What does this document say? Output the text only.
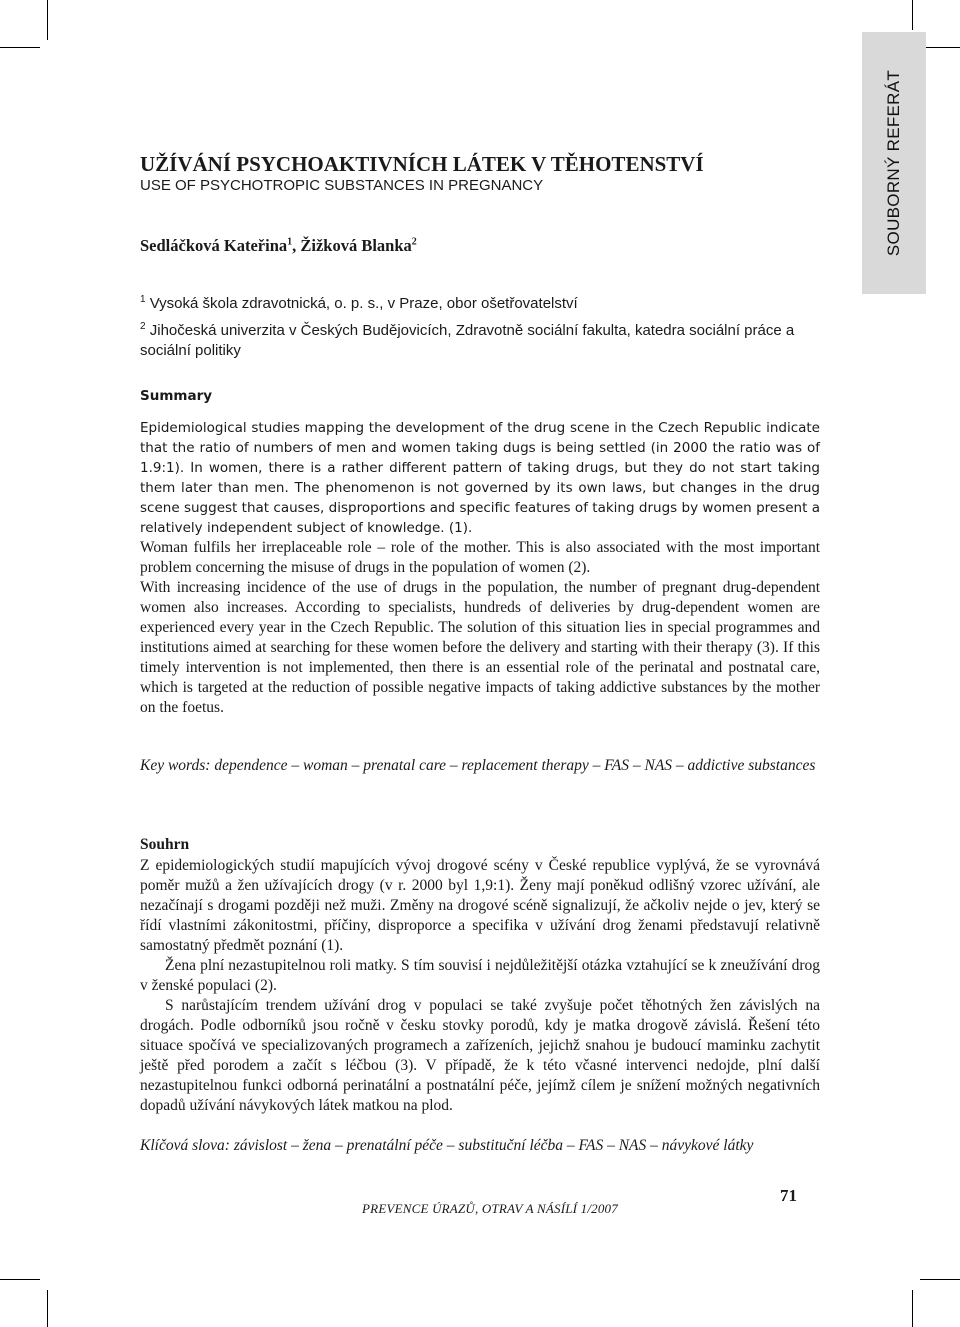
SOUBORNÝ REFERÁT
UŽÍVÁNÍ PSYCHOAKTIVNÍCH LÁTEK V TĚHOTENSTVÍ
USE OF PSYCHOTROPIC SUBSTANCES IN PREGNANCY
Sedláčková Kateřina$^1$, Žižková Blanka$^2$
$^1$ Vysoká škola zdravotnická, o. p. s., v Praze, obor ošetřovatelství
$^2$ Jihočeská univerzita v Českých Budějovicích, Zdravotně sociální fakulta, katedra sociální práce a sociální politiky
Summary

Epidemiological studies mapping the development of the drug scene in the Czech Republic indicate that the ratio of numbers of men and women taking dugs is being settled (in 2000 the ratio was of 1.9:1). In women, there is a rather different pattern of taking drugs, but they do not start taking them later than men. The phenomenon is not governed by its own laws, but changes in the drug scene suggest that causes, disproportions and specific features of taking drugs by women present a relatively independent subject of knowledge. (1).

Woman fulfils her irreplaceable role – role of the mother. This is also associated with the most important problem concerning the misuse of drugs in the population of women (2).

With increasing incidence of the use of drugs in the population, the number of pregnant drug-dependent women also increases. According to specialists, hundreds of deliveries by drug-dependent women are experienced every year in the Czech Republic. The solution of this situation lies in special programmes and institutions aimed at searching for these women before the delivery and starting with their therapy (3). If this timely intervention is not implemented, then there is an essential role of the perinatal and postnatal care, which is targeted at the reduction of possible negative impacts of taking addictive substances by the mother on the foetus.

Key words: dependence – woman – prenatal care – replacement therapy – FAS – NAS – addictive substances
Souhrn

Z epidemiologických studií mapujících vývoj drogové scény v České republice vyplývá, že se vyrovnává poměr mužů a žen užívajících drogy (v r. 2000 byl 1,9:1). Ženy mají poněkud odlišný vzorec užívání, ale nezačínají s drogami později než muži. Změny na drogové scéně signalizují, že ačkoliv nejde o jev, který se řídí vlastními zákonitostmi, příčiny, disproporce a specifika v užívání drog ženami představují relativně samostatný předmět poznání (1).

Žena plní nezastupitelnou roli matky. S tím souvisí i nejdůležitější otázka vztahující se k zneužívání drog v ženské populaci (2).

S narůstajícím trendem užívání drog v populaci se také zvyšuje počet těhotných žen závislých na drogách. Podle odborníků jsou ročně v česku stovky porodů, kdy je matka drogově závislá. Řešení této situace spočívá ve specializovaných programech a zařízeních, jejichž snahou je budoucí maminku zachytit ještě před porodem a začít s léčbou (3). V případě, že k této včasné intervenci nedojde, plní další nezastupitelnou funkci odborná perinatální a postnatální péče, jejímž cílem je snížení možných negativních dopadů užívání návykových látek matkou na plod.

Klíčová slova: závislost – žena – prenatální péče – substituční léčba – FAS – NAS – návykové látky
71
PREVENCE ÚRAZŮ, OTRAV A NÁSÍLÍ 1/2007
